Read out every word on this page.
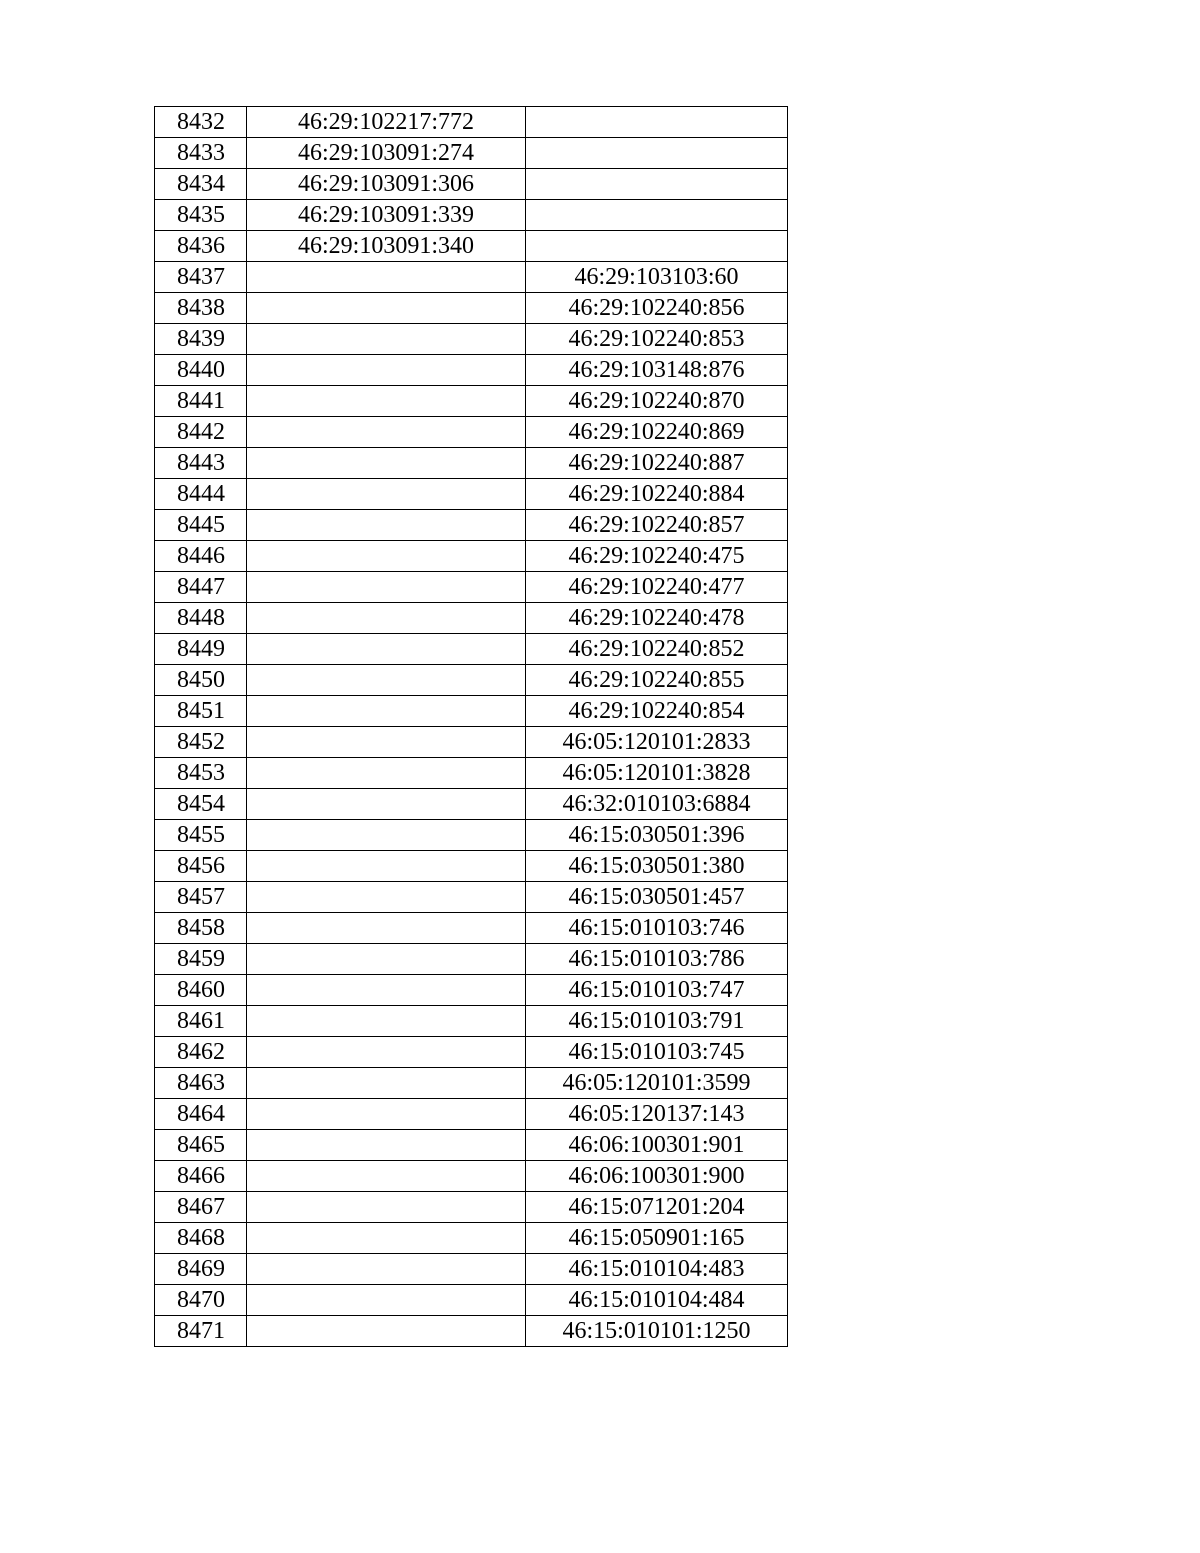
8432	46:29:102217:772	
8433	46:29:103091:274	
8434	46:29:103091:306	
8435	46:29:103091:339	
8436	46:29:103091:340	
8437		46:29:103103:60
8438		46:29:102240:856
8439		46:29:102240:853
8440		46:29:103148:876
8441		46:29:102240:870
8442		46:29:102240:869
8443		46:29:102240:887
8444		46:29:102240:884
8445		46:29:102240:857
8446		46:29:102240:475
8447		46:29:102240:477
8448		46:29:102240:478
8449		46:29:102240:852
8450		46:29:102240:855
8451		46:29:102240:854
8452		46:05:120101:2833
8453		46:05:120101:3828
8454		46:32:010103:6884
8455		46:15:030501:396
8456		46:15:030501:380
8457		46:15:030501:457
8458		46:15:010103:746
8459		46:15:010103:786
8460		46:15:010103:747
8461		46:15:010103:791
8462		46:15:010103:745
8463		46:05:120101:3599
8464		46:05:120137:143
8465		46:06:100301:901
8466		46:06:100301:900
8467		46:15:071201:204
8468		46:15:050901:165
8469		46:15:010104:483
8470		46:15:010104:484
8471		46:15:010101:1250
